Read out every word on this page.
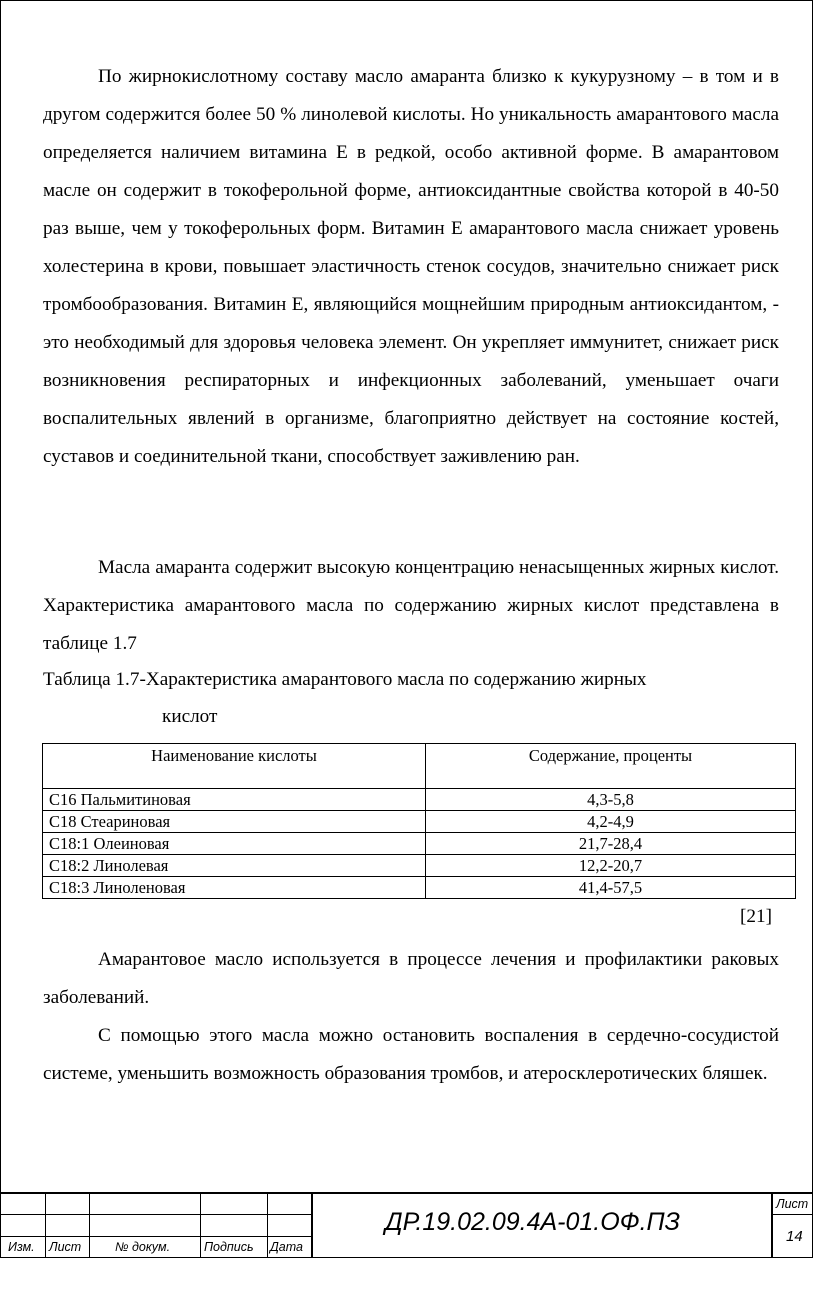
По жирнокислотному составу масло амаранта близко к кукурузному – в том и в другом содержится более 50 % линолевой кислоты. Но уникальность амарантового масла определяется наличием витамина Е в редкой, особо активной форме. В амарантовом масле он содержит в токоферольной форме, антиоксидантные свойства которой в 40-50 раз выше, чем у токоферольных форм. Витамин Е амарантового масла снижает уровень холестерина в крови, повышает эластичность стенок сосудов, значительно снижает риск тромбообразования. Витамин Е, являющийся мощнейшим природным антиоксидантом, - это необходимый для здоровья человека элемент. Он укрепляет иммунитет, снижает риск возникновения респираторных и инфекционных заболеваний, уменьшает очаги воспалительных явлений в организме, благоприятно действует на состояние костей, суставов и соединительной ткани, способствует заживлению ран.

Масла амаранта содержит высокую концентрацию ненасыщенных жирных кислот. Характеристика амарантового масла по содержанию жирных кислот представлена в таблице 1.7

Таблица 1.7-Характеристика амарантового масла по содержанию жирных
кислот
Наименование кислоты	Содержание, проценты
С16 Пальмитиновая	4,3-5,8
С18 Стеариновая	4,2-4,9
С18:1 Олеиновая	21,7-28,4
С18:2 Линолевая	12,2-20,7
С18:3 Линоленовая	41,4-57,5
[21]

Амарантовое масло используется в процессе лечения и профилактики раковых заболеваний.

С помощью этого масла можно остановить воспаления в сердечно-сосудистой системе, уменьшить возможность образования тромбов, и атеросклеротических бляшек.

Изм. Лист	№ докум.	Подпись Дата
ДР.19.02.09.4А-01.ОФ.ПЗ
Лист
14
